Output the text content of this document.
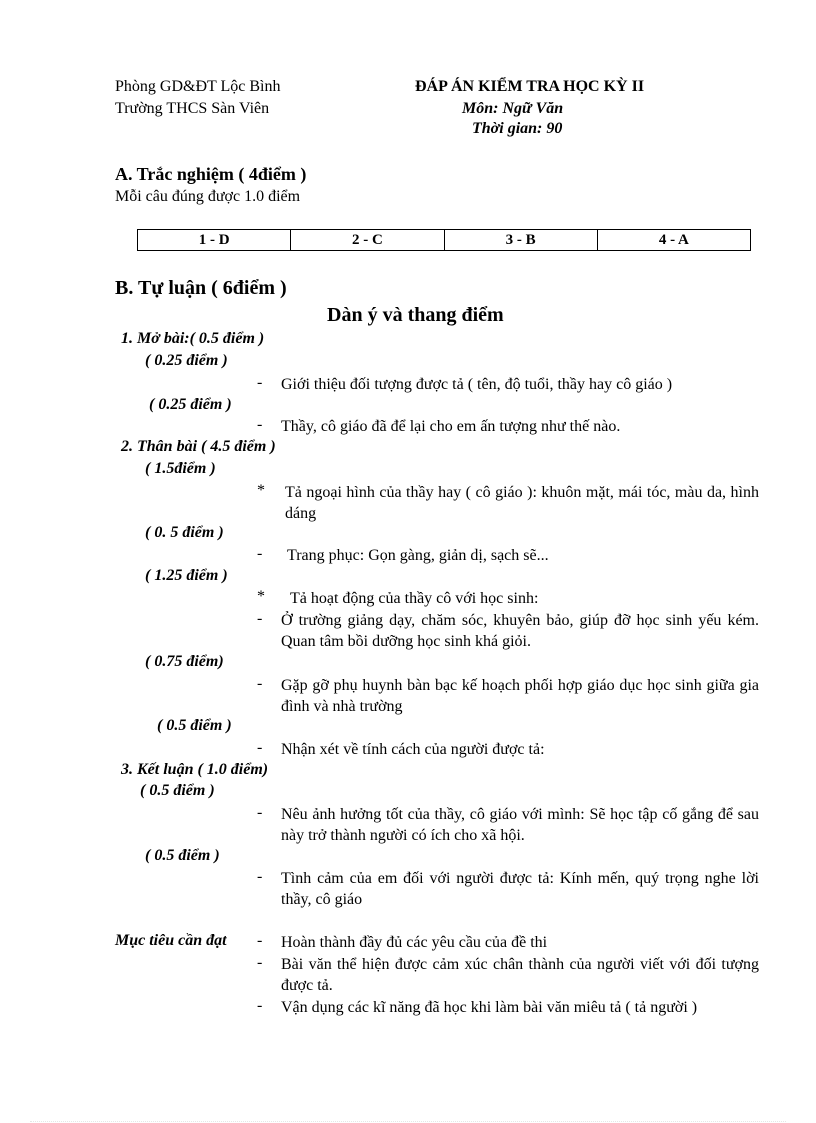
Phòng GD&ĐT Lộc Bình
Trường THCS Sàn Viên
ĐÁP ÁN KIỂM TRA HỌC KỲ II
Môn: Ngữ Văn
Thời gian: 90
A. Trắc nghiệm ( 4điểm )
Mỗi câu đúng được 1.0 điểm
1 - D	2 - C	3 - B	4 - A
B. Tự luận ( 6điểm )
Dàn ý và thang điểm
1. Mở bài:( 0.5 điểm )
( 0.25 điểm )
- Giới thiệu đối tượng được tả ( tên, độ tuổi, thầy hay cô giáo )
( 0.25 điểm )
- Thầy, cô giáo đã để lại cho em ấn tượng như thế nào.
2. Thân bài ( 4.5 điểm )
( 1.5điểm )
* Tả ngoại hình của thầy hay ( cô giáo ): khuôn mặt, mái tóc, màu da, hình dáng
( 0. 5 điểm )
- Trang phục: Gọn gàng, giản dị, sạch sẽ...
( 1.25 điểm )
* Tả hoạt động của thầy cô với học sinh:
- Ở trường giảng dạy, chăm sóc, khuyên bảo, giúp đỡ học sinh yếu kém. Quan tâm bồi dưỡng học sinh khá giỏi.
( 0.75 điểm)
- Gặp gỡ phụ huynh bàn bạc kế hoạch phối hợp giáo dục học sinh giữa gia đình và nhà trường
( 0.5 điểm )
- Nhận xét về tính cách của người được tả:
3. Kết luận ( 1.0 điểm)
( 0.5 điểm )
- Nêu ảnh hưởng tốt của thầy, cô giáo với mình: Sẽ học tập cố gắng để sau này trở thành người có ích cho xã hội.
( 0.5 điểm )
- Tình cảm của em đối với người được tả: Kính mến, quý trọng nghe lời thầy, cô giáo
Mục tiêu cần đạt - Hoàn thành đầy đủ các yêu cầu của đề thi
- Bài văn thể hiện được cảm xúc chân thành của người viết với đối tượng được tả.
- Vận dụng các kĩ năng đã học khi làm bài văn miêu tả ( tả người )
